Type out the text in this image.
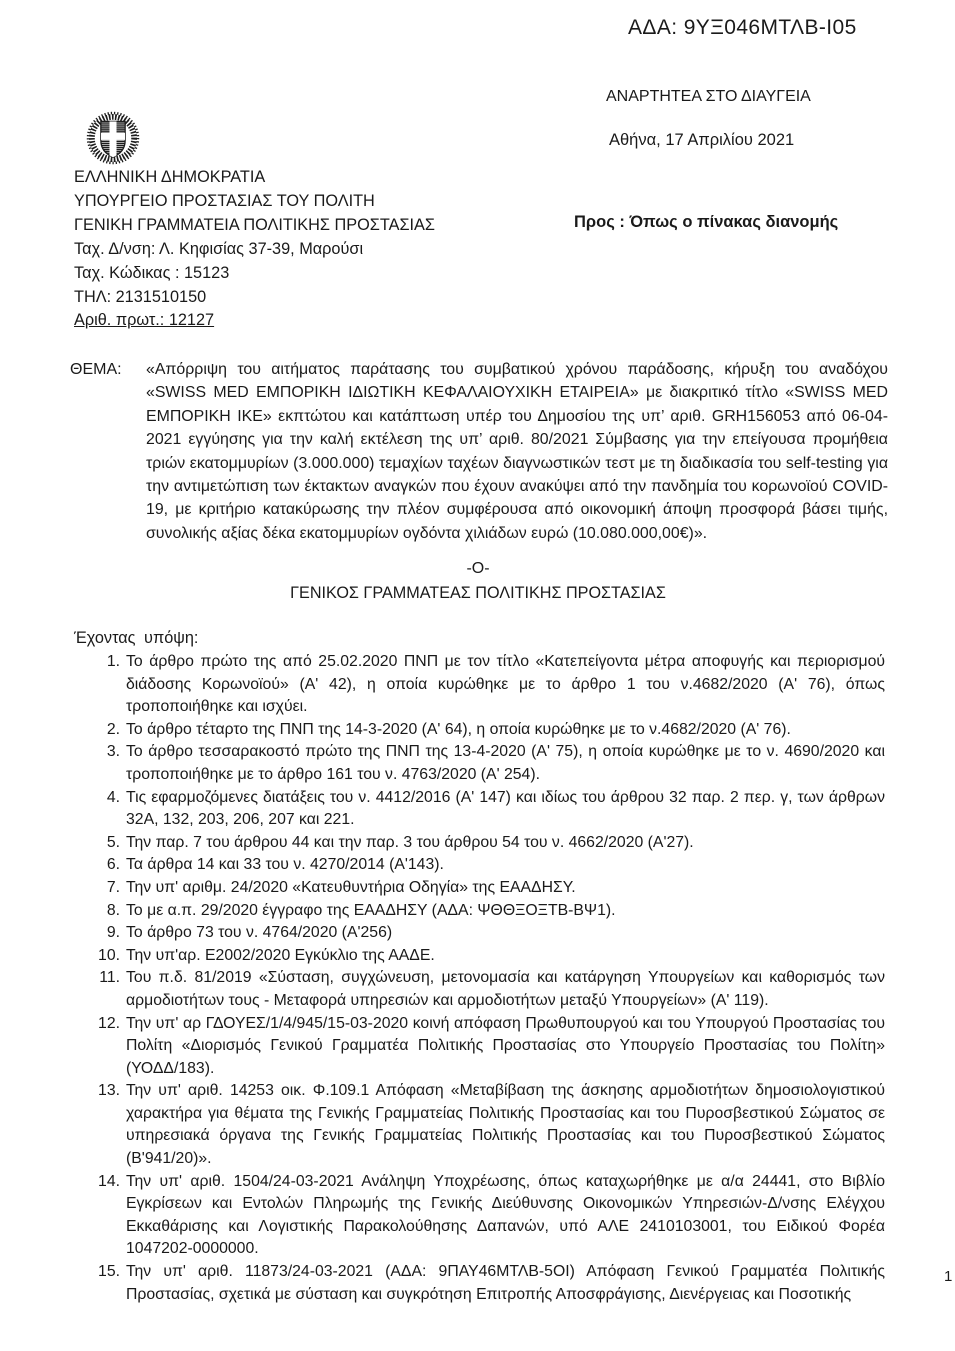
ΑΔΑ: 9ΥΞ046ΜΤΛΒ-Ι05
ΑΝΑΡΤΗΤΕΑ ΣΤΟ ΔΙΑΥΓΕΙΑ
Αθήνα, 17 Απριλίου 2021
ΕΛΛΗΝΙΚΗ ΔΗΜΟΚΡΑΤΙΑ
ΥΠΟΥΡΓΕΙΟ ΠΡΟΣΤΑΣΙΑΣ ΤΟΥ ΠΟΛΙΤΗ
ΓΕΝΙΚΗ ΓΡΑΜΜΑΤΕΙΑ ΠΟΛΙΤΙΚΗΣ ΠΡΟΣΤΑΣΙΑΣ
Ταχ. Δ/νση: Λ. Κηφισίας 37-39, Μαρούσι
Ταχ. Κώδικας : 15123
ΤΗΛ: 2131510150
Αριθ. πρωτ.: 12127
Προς : Όπως ο πίνακας διανομής
ΘΕΜΑ:	«Απόρριψη του αιτήματος παράτασης του συμβατικού χρόνου παράδοσης, κήρυξη του αναδόχου «SWISS MED ΕΜΠΟΡΙΚΗ ΙΔΙΩΤΙΚΗ ΚΕΦΑΛΑΙΟΥΧΙΚΗ ΕΤΑΙΡΕΙΑ» με διακριτικό τίτλο «SWISS MED ΕΜΠΟΡΙΚΗ ΙΚΕ» εκπτώτου και κατάπτωση υπέρ του Δημοσίου της υπ’ αριθ. GRH156053 από 06-04-2021 εγγύησης για την καλή εκτέλεση της υπ’ αριθ. 80/2021 Σύμβασης για την επείγουσα προμήθεια τριών εκατομμυρίων (3.000.000) τεμαχίων ταχέων διαγνωστικών τεστ με τη διαδικασία του self-testing για την αντιμετώπιση των έκτακτων αναγκών που έχουν ανακύψει από την πανδημία του κορωνοϊού COVID-19, με κριτήριο κατακύρωσης την πλέον συμφέρουσα από οικονομική άποψη προσφορά βάσει τιμής, συνολικής αξίας δέκα εκατομμυρίων ογδόντα χιλιάδων ευρώ (10.080.000,00€)».
-Ο-
ΓΕΝΙΚΟΣ ΓΡΑΜΜΑΤΕΑΣ ΠΟΛΙΤΙΚΗΣ ΠΡΟΣΤΑΣΙΑΣ
Έχοντας υπόψη:
1. Το άρθρο πρώτο της από 25.02.2020 ΠΝΠ με τον τίτλο «Κατεπείγοντα μέτρα αποφυγής και περιορισμού διάδοσης Κορωνοϊού» (Α' 42), η οποία κυρώθηκε με το άρθρο 1 του ν.4682/2020 (Α' 76), όπως τροποποιήθηκε και ισχύει.
2. Το άρθρο τέταρτο της ΠΝΠ της 14-3-2020 (Α' 64), η οποία κυρώθηκε με το ν.4682/2020 (Α' 76).
3. Το άρθρο τεσσαρακοστό πρώτο της ΠΝΠ της 13-4-2020 (Α' 75), η οποία κυρώθηκε με το ν. 4690/2020 και τροποποιήθηκε με το άρθρο 161 του ν. 4763/2020 (Α' 254).
4. Τις εφαρμοζόμενες διατάξεις του ν. 4412/2016 (Α' 147) και ιδίως του άρθρου 32 παρ. 2 περ. γ, των άρθρων 32Α, 132, 203, 206, 207 και 221.
5. Την παρ. 7 του άρθρου 44 και την παρ. 3 του άρθρου 54 του ν. 4662/2020 (Α'27).
6. Τα άρθρα 14 και 33 του ν. 4270/2014 (Α'143).
7. Την υπ' αριθμ. 24/2020 «Κατευθυντήρια Οδηγία» της ΕΑΑΔΗΣΥ.
8. Το με α.π. 29/2020 έγγραφο της ΕΑΑΔΗΣΥ (ΑΔΑ: ΨΘΘΞΟΞΤΒ-ΒΨ1).
9. Το άρθρο 73 του ν. 4764/2020 (Α'256)
10. Την υπ'αρ. Ε2002/2020 Εγκύκλιο της ΑΑΔΕ.
11. Του π.δ. 81/2019 «Σύσταση, συγχώνευση, μετονομασία και κατάργηση Υπουργείων και καθορισμός των αρμοδιοτήτων τους - Μεταφορά υπηρεσιών και αρμοδιοτήτων μεταξύ Υπουργείων» (Α' 119).
12. Την υπ' αρ ΓΔΟΥΕΣ/1/4/945/15-03-2020 κοινή απόφαση Πρωθυπουργού και του Υπουργού Προστασίας του Πολίτη «Διορισμός Γενικού Γραμματέα Πολιτικής Προστασίας στο Υπουργείο Προστασίας του Πολίτη» (ΥΟΔΔ/183).
13. Την υπ' αριθ. 14253 οικ. Φ.109.1 Απόφαση «Μεταβίβαση της άσκησης αρμοδιοτήτων δημοσιολογιστικού χαρακτήρα για θέματα της Γενικής Γραμματείας Πολιτικής Προστασίας και του Πυροσβεστικού Σώματος σε υπηρεσιακά όργανα της Γενικής Γραμματείας Πολιτικής Προστασίας και του Πυροσβεστικού Σώματος (Β'941/20)».
14. Την υπ' αριθ. 1504/24-03-2021 Ανάληψη Υποχρέωσης, όπως καταχωρήθηκε με α/α 24441, στο Βιβλίο Εγκρίσεων και Εντολών Πληρωμής της Γενικής Διεύθυνσης Οικονομικών Υπηρεσιών-Δ/νσης Ελέγχου Εκκαθάρισης και Λογιστικής Παρακολούθησης Δαπανών, υπό ΑΛΕ 2410103001, του Ειδικού Φορέα 1047202-0000000.
15. Την υπ' αριθ. 11873/24-03-2021 (ΑΔΑ: 9ΠΑΥ46ΜΤΛΒ-5ΟΙ) Απόφαση Γενικού Γραμματέα Πολιτικής Προστασίας, σχετικά με σύσταση και συγκρότηση Επιτροπής Αποσφράγισης, Διενέργειας και Ποσοτικής
1
